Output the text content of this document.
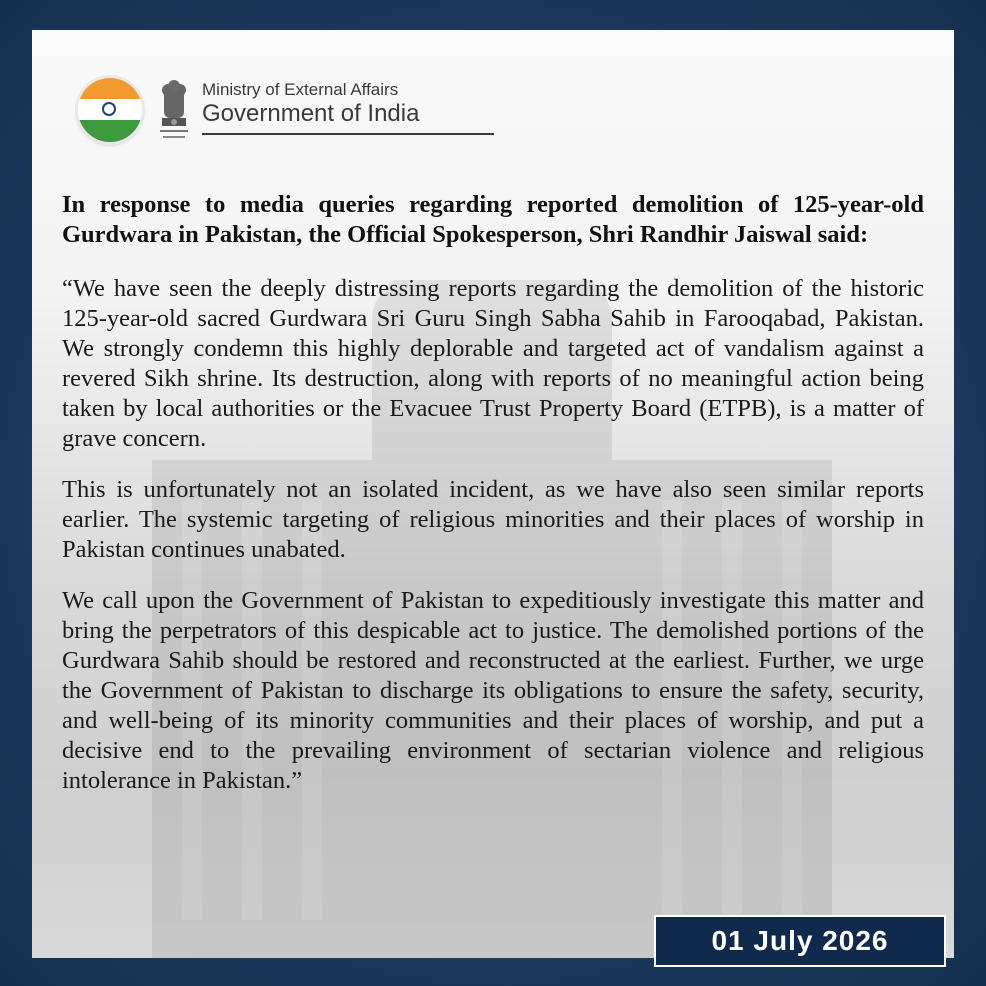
Ministry of External Affairs
Government of India

In response to media queries regarding reported demolition of 125-year-old Gurdwara in Pakistan, the Official Spokesperson, Shri Randhir Jaiswal said:

“We have seen the deeply distressing reports regarding the demolition of the historic 125-year-old sacred Gurdwara Sri Guru Singh Sabha Sahib in Farooqabad, Pakistan. We strongly condemn this highly deplorable and targeted act of vandalism against a revered Sikh shrine. Its destruction, along with reports of no meaningful action being taken by local authorities or the Evacuee Trust Property Board (ETPB), is a matter of grave concern.

This is unfortunately not an isolated incident, as we have also seen similar reports earlier. The systemic targeting of religious minorities and their places of worship in Pakistan continues unabated.

We call upon the Government of Pakistan to expeditiously investigate this matter and bring the perpetrators of this despicable act to justice. The demolished portions of the Gurdwara Sahib should be restored and reconstructed at the earliest. Further, we urge the Government of Pakistan to discharge its obligations to ensure the safety, security, and well-being of its minority communities and their places of worship, and put a decisive end to the prevailing environment of sectarian violence and religious intolerance in Pakistan.”

01 July 2026
